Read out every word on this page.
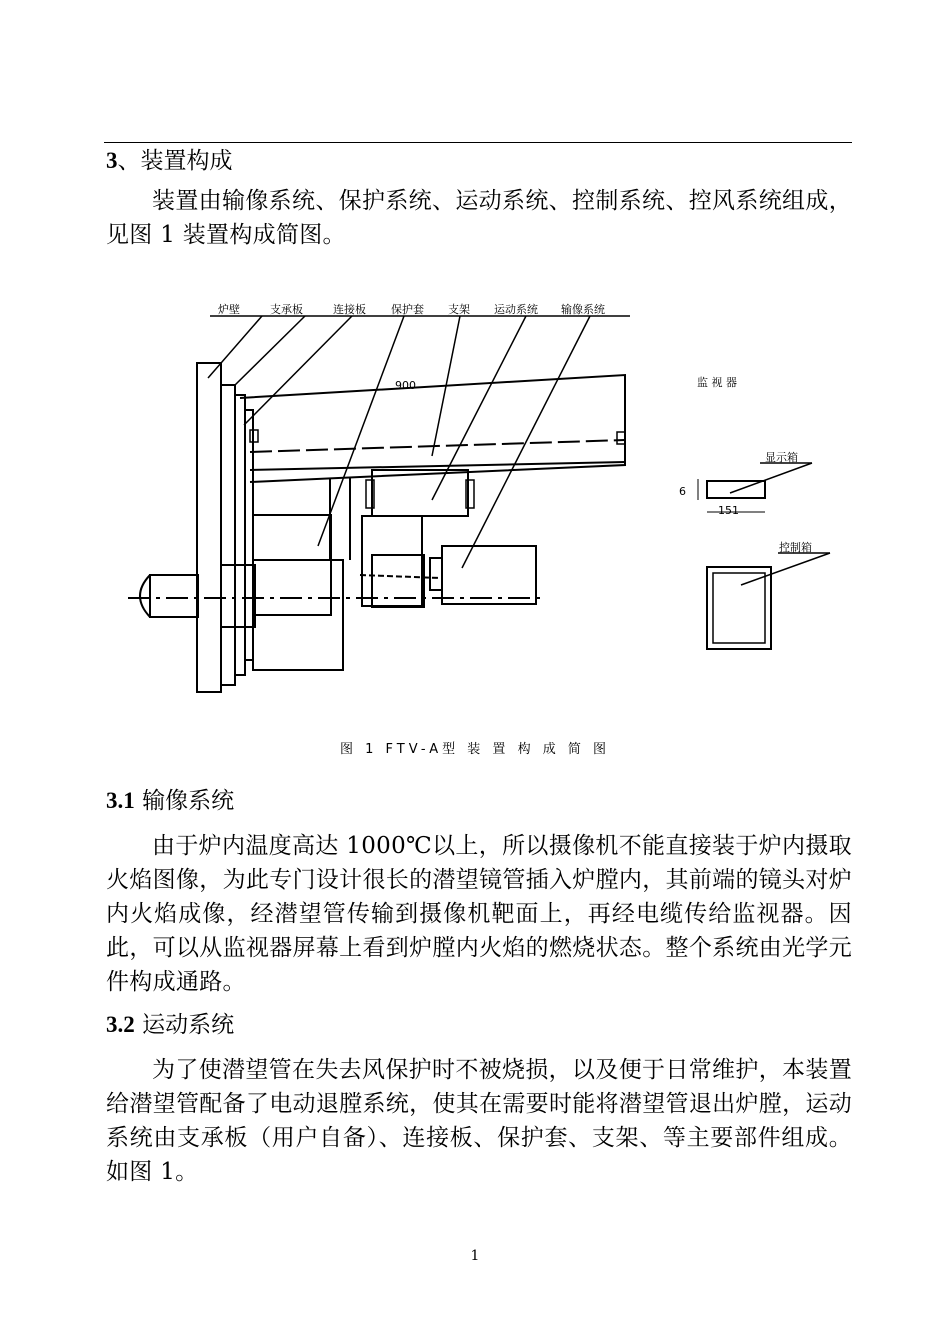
3、装置构成
装置由输像系统、保护系统、运动系统、控制系统、控风系统组成，见图 1 装置构成简图。
炉壁	支承板	连接板 保护套 支架 运动系统 输像系统
900	监 视 器
显示箱
151
6
控制箱
图 1 FTV-A型 装 置 构 成 简 图
3.1 输像系统
由于炉内温度高达 1000℃以上，所以摄像机不能直接装于炉内摄取火焰图像，为此专门设计很长的潜望镜管插入炉膛内，其前端的镜头对炉内火焰成像，经潜望管传输到摄像机靶面上，再经电缆传给监视器。因此，可以从监视器屏幕上看到炉膛内火焰的燃烧状态。整个系统由光学元件构成通路。
3.2 运动系统
为了使潜望管在失去风保护时不被烧损，以及便于日常维护，本装置给潜望管配备了电动退膛系统，使其在需要时能将潜望管退出炉膛，运动系统由支承板（用户自备）、连接板、保护套、支架、等主要部件组成。如图 1。
1
